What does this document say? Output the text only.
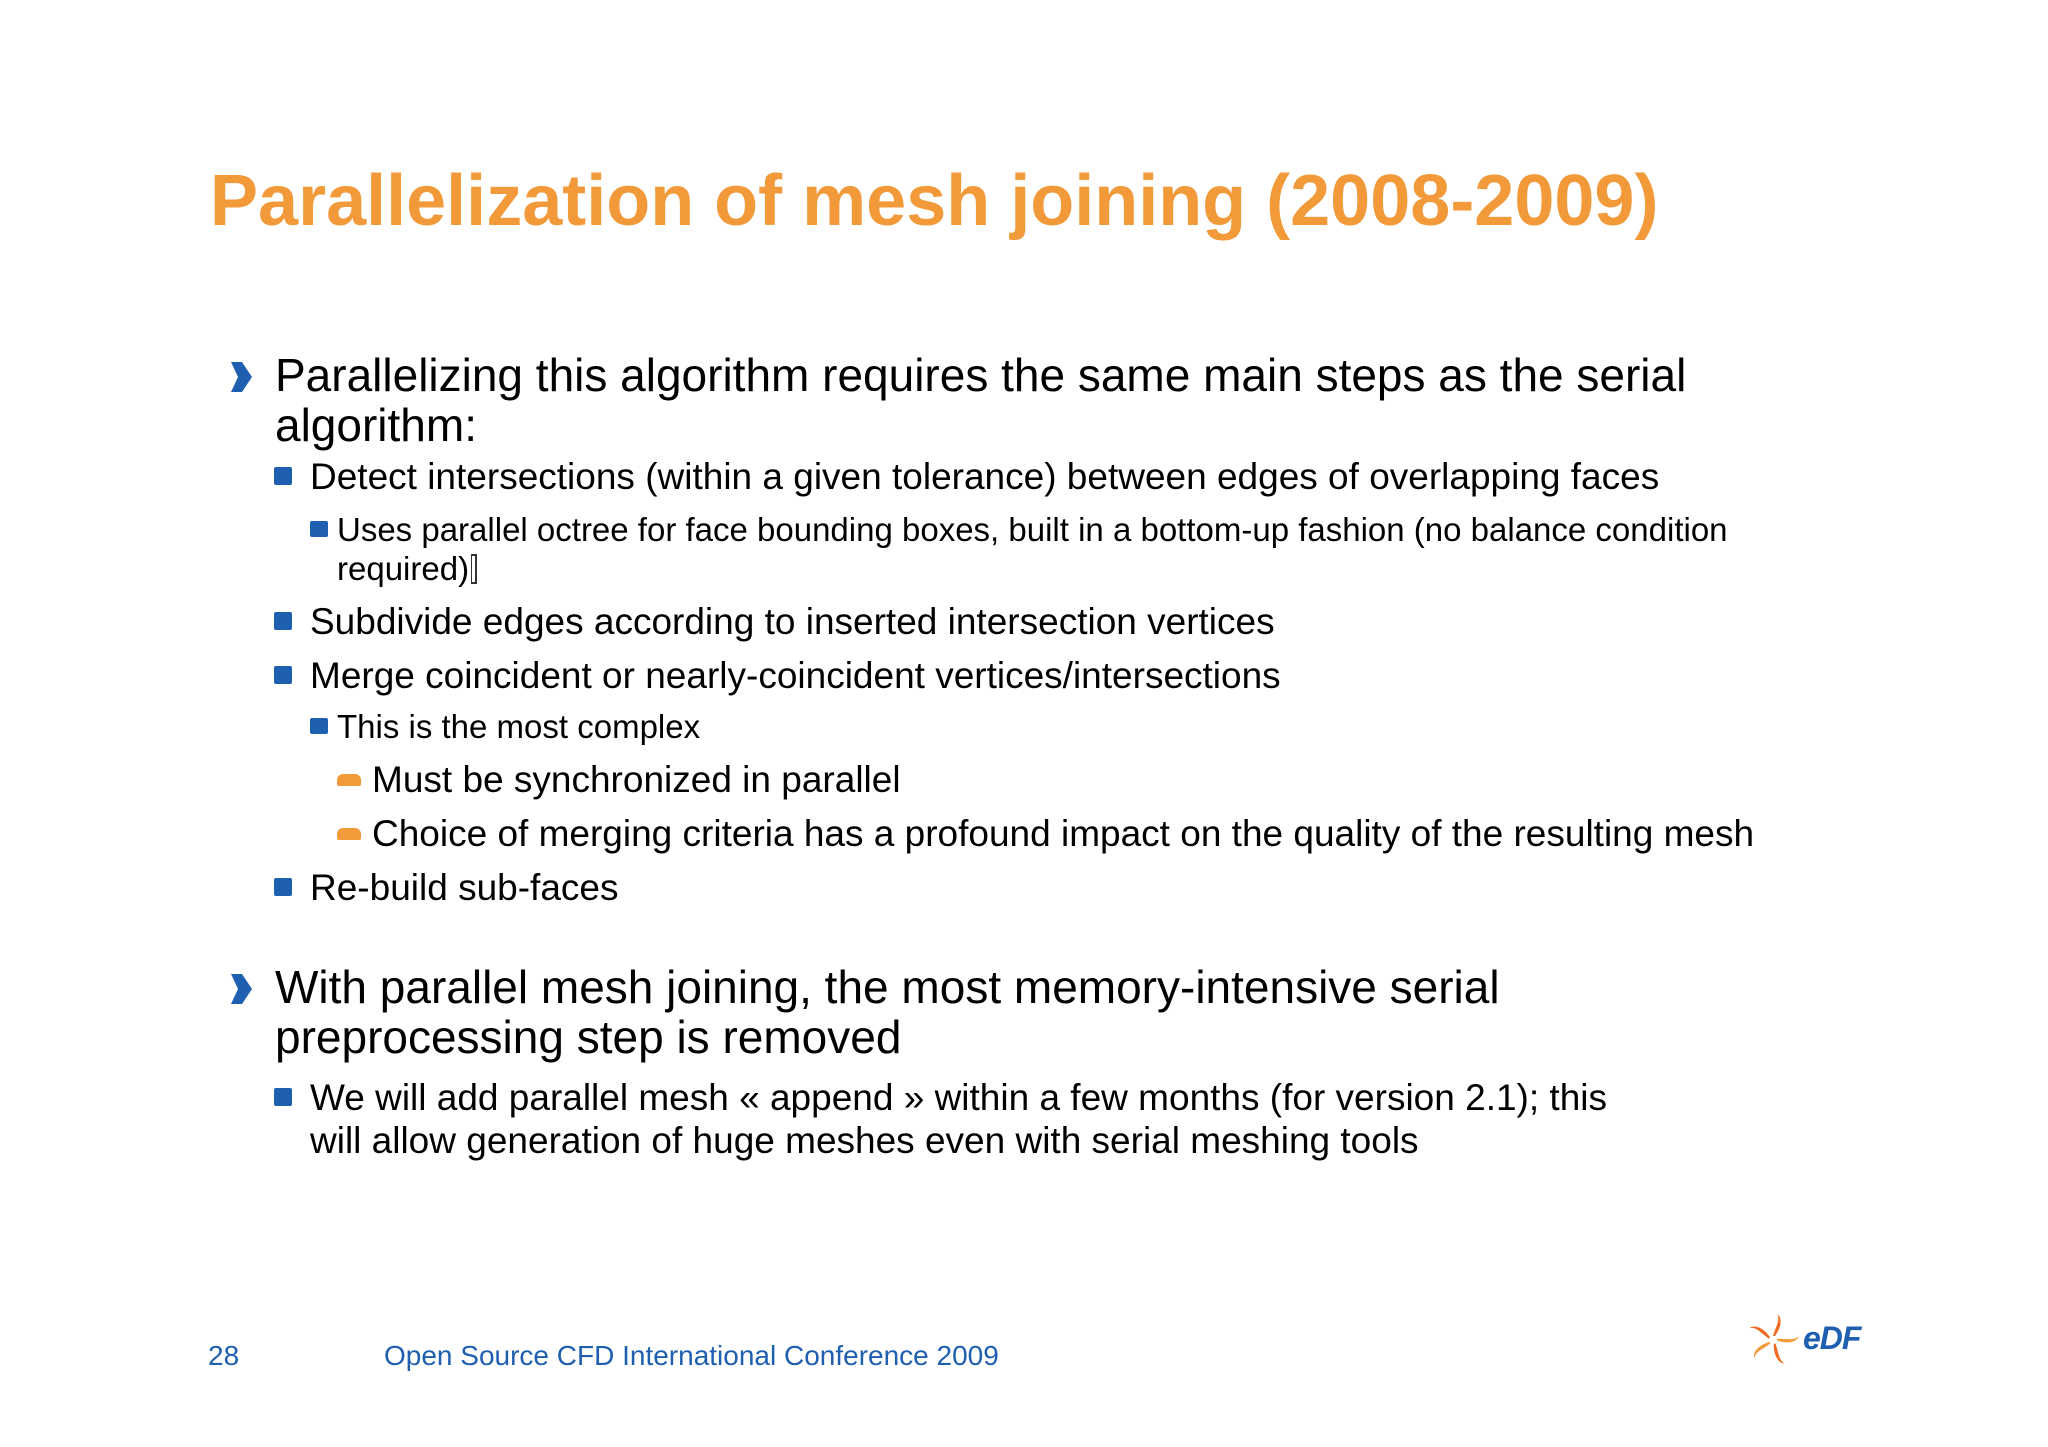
Parallelization of mesh joining (2008-2009)
Parallelizing this algorithm requires the same main steps as the serial algorithm:
Detect intersections (within a given tolerance) between edges of overlapping faces
Uses parallel octree for face bounding boxes, built in a bottom-up fashion (no balance condition required)
Subdivide edges according to inserted intersection vertices
Merge coincident or nearly-coincident vertices/intersections
This is the most complex
Must be synchronized in parallel
Choice of merging criteria has a profound impact on the quality of the resulting mesh
Re-build sub-faces
With parallel mesh joining, the most memory-intensive serial preprocessing step is removed
We will add parallel mesh « append » within a few months (for version 2.1); this will allow generation of huge meshes even with serial meshing tools
28	Open Source CFD International Conference 2009	eDF
